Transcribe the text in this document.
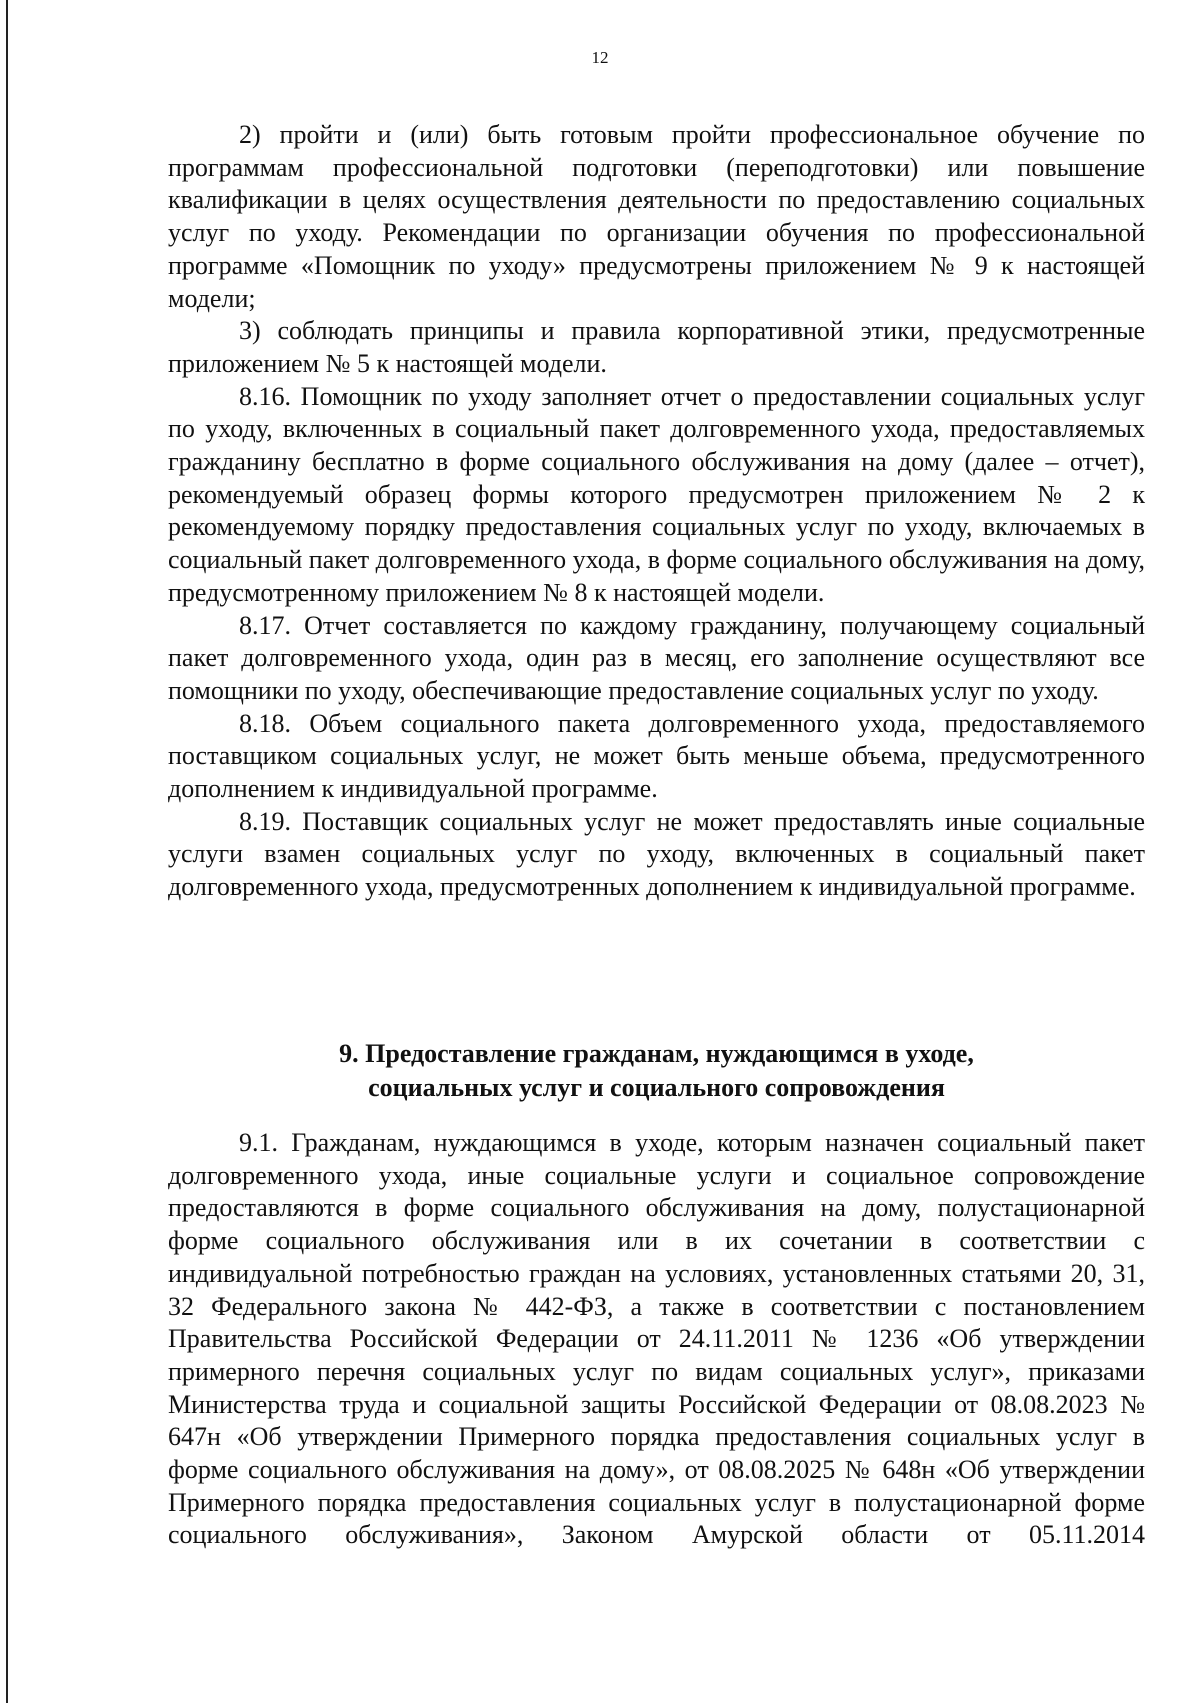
12

2) пройти и (или) быть готовым пройти профессиональное обучение по программам профессиональной подготовки (переподготовки) или повышение квалификации в целях осуществления деятельности по предоставлению социальных услуг по уходу. Рекомендации по организации обучения по профессиональной программе «Помощник по уходу» предусмотрены приложением № 9 к настоящей модели;

3) соблюдать принципы и правила корпоративной этики, предусмотренные приложением № 5 к настоящей модели.

8.16. Помощник по уходу заполняет отчет о предоставлении социальных услуг по уходу, включенных в социальный пакет долговременного ухода, предоставляемых гражданину бесплатно в форме социального обслуживания на дому (далее – отчет), рекомендуемый образец формы которого предусмотрен приложением № 2 к рекомендуемому порядку предоставления социальных услуг по уходу, включаемых в социальный пакет долговременного ухода, в форме социального обслуживания на дому, предусмотренному приложением № 8 к настоящей модели.

8.17. Отчет составляется по каждому гражданину, получающему социальный пакет долговременного ухода, один раз в месяц, его заполнение осуществляют все помощники по уходу, обеспечивающие предоставление социальных услуг по уходу.

8.18. Объем социального пакета долговременного ухода, предоставляемого поставщиком социальных услуг, не может быть меньше объема, предусмотренного дополнением к индивидуальной программе.

8.19. Поставщик социальных услуг не может предоставлять иные социальные услуги взамен социальных услуг по уходу, включенных в социальный пакет долговременного ухода, предусмотренных дополнением к индивидуальной программе.

9. Предоставление гражданам, нуждающимся в уходе,
социальных услуг и социального сопровождения

9.1. Гражданам, нуждающимся в уходе, которым назначен социальный пакет долговременного ухода, иные социальные услуги и социальное сопровождение предоставляются в форме социального обслуживания на дому, полустационарной форме социального обслуживания или в их сочетании в соответствии с индивидуальной потребностью граждан на условиях, установленных статьями 20, 31, 32 Федерального закона № 442-ФЗ, а также в соответствии с постановлением Правительства Российской Федерации от 24.11.2011 № 1236 «Об утверждении примерного перечня социальных услуг по видам социальных услуг», приказами Министерства труда и социальной защиты Российской Федерации от 08.08.2023 № 647н «Об утверждении Примерного порядка предоставления социальных услуг в форме социального обслуживания на дому», от 08.08.2025 № 648н «Об утверждении Примерного порядка предоставления социальных услуг в полустационарной форме социального обслуживания», Законом Амурской области от 05.11.2014
